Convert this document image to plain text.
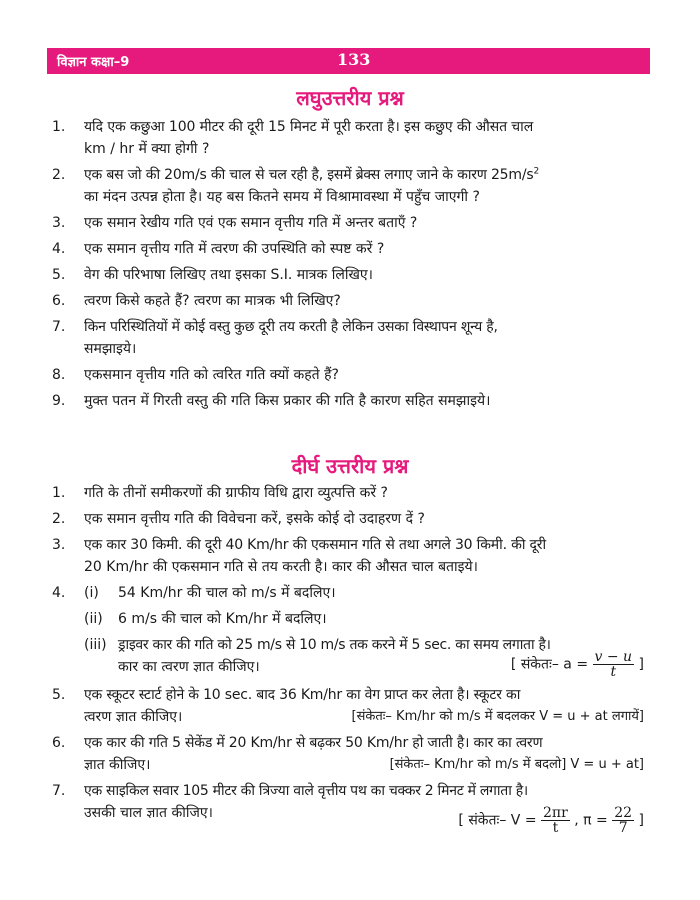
विज्ञान कक्षा–9	133
लघुउत्तरीय प्रश्न
1.	यदि एक कछुआ 100 मीटर की दूरी 15 मिनट में पूरी करता है। इस कछुए की औसत चाल
km / hr में क्या होगी ?
2.	एक बस जो की 20m/s की चाल से चल रही है, इसमें ब्रेक्स लगाए जाने के कारण $25m/s^2$
का मंदन उत्पन्न होता है। यह बस कितने समय में विश्रामावस्था में पहुँच जाएगी ?
3.	एक समान रेखीय गति एवं एक समान वृत्तीय गति में अन्तर बताएँ ?
4.	एक समान वृत्तीय गति में त्वरण की उपस्थिति को स्पष्ट करें ?
5.	वेग की परिभाषा लिखिए तथा इसका S.I. मात्रक लिखिए।
6.	त्वरण किसे कहते हैं? त्वरण का मात्रक भी लिखिए?
7.	किन परिस्थितियों में कोई वस्तु कुछ दूरी तय करती है लेकिन उसका विस्थापन शून्य है,
समझाइये।
8.	एकसमान वृत्तीय गति को त्वरित गति क्यों कहते हैं?
9.	मुक्त पतन में गिरती वस्तु की गति किस प्रकार की गति है कारण सहित समझाइये।
दीर्घ उत्तरीय प्रश्न
1.	गति के तीनों समीकरणों की ग्राफीय विधि द्वारा व्युत्पत्ति करें ?
2.	एक समान वृत्तीय गति की विवेचना करें, इसके कोई दो उदाहरण दें ?
3.	एक कार 30 किमी. की दूरी 40 Km/hr की एकसमान गति से तथा अगले 30 किमी. की दूरी
20 Km/hr की एकसमान गति से तय करती है। कार की औसत चाल बताइये।
4.	(i) 54 Km/hr की चाल को m/s में बदलिए।
(ii) 6 m/s की चाल को Km/hr में बदलिए।
(iii) ड्राइवर कार की गति को 25 m/s से 10 m/s तक करने में 5 sec. का समय लगाता है।
कार का त्वरण ज्ञात कीजिए।	[ संकेतः– $a = \frac{v - u}{t}$ ]
5.	एक स्कूटर स्टार्ट होने के 10 sec. बाद 36 Km/hr का वेग प्राप्त कर लेता है। स्कूटर का
त्वरण ज्ञात कीजिए।	[संकेतः– Km/hr को m/s में बदलकर V = u + at लगायें]
6.	एक कार की गति 5 सेकेंड में 20 Km/hr से बढ़कर 50 Km/hr हो जाती है। कार का त्वरण
ज्ञात कीजिए।	[संकेतः– Km/hr को m/s में बदलो] V = u + at]
7.	एक साइकिल सवार 105 मीटर की त्रिज्या वाले वृत्तीय पथ का चक्कर 2 मिनट में लगाता है।
उसकी चाल ज्ञात कीजिए।	[ संकेतः– $V = \frac{2\pi r}{t}$ , $\pi = \frac{22}{7}$ ]
